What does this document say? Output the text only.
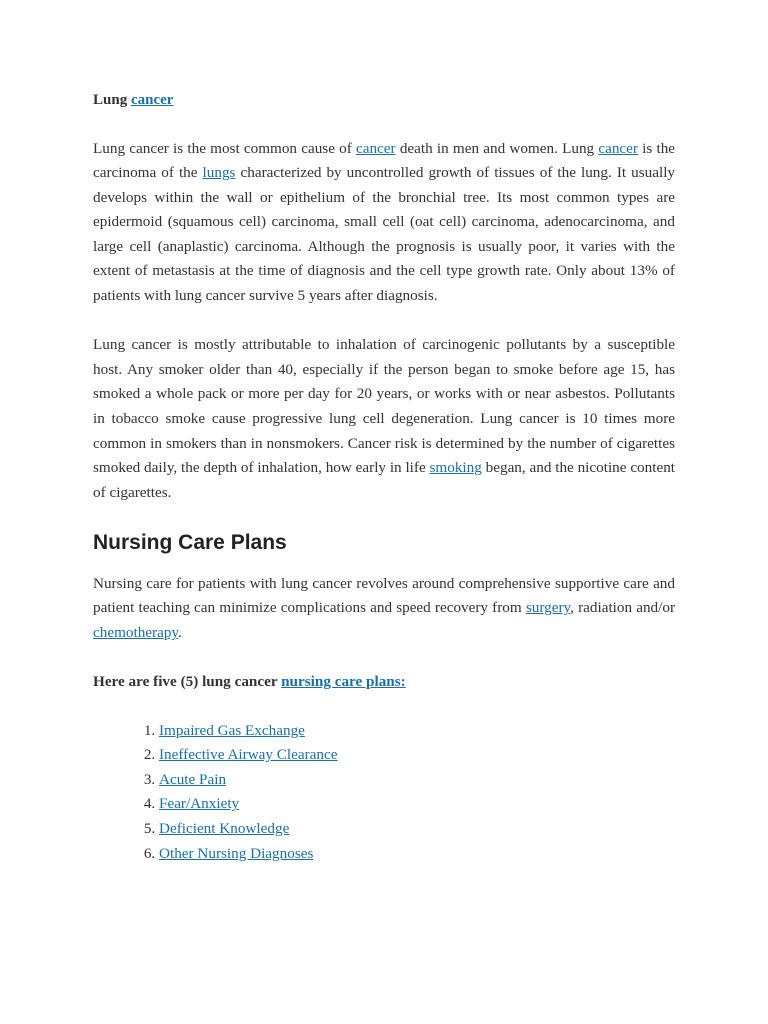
Lung cancer

Lung cancer is the most common cause of cancer death in men and women. Lung cancer is the carcinoma of the lungs characterized by uncontrolled growth of tissues of the lung. It usually develops within the wall or epithelium of the bronchial tree. Its most common types are epidermoid (squamous cell) carcinoma, small cell (oat cell) carcinoma, adenocarcinoma, and large cell (anaplastic) carcinoma. Although the prognosis is usually poor, it varies with the extent of metastasis at the time of diagnosis and the cell type growth rate. Only about 13% of patients with lung cancer survive 5 years after diagnosis.

Lung cancer is mostly attributable to inhalation of carcinogenic pollutants by a susceptible host. Any smoker older than 40, especially if the person began to smoke before age 15, has smoked a whole pack or more per day for 20 years, or works with or near asbestos. Pollutants in tobacco smoke cause progressive lung cell degeneration. Lung cancer is 10 times more common in smokers than in nonsmokers. Cancer risk is determined by the number of cigarettes smoked daily, the depth of inhalation, how early in life smoking began, and the nicotine content of cigarettes.

Nursing Care Plans

Nursing care for patients with lung cancer revolves around comprehensive supportive care and patient teaching can minimize complications and speed recovery from surgery, radiation and/or chemotherapy.

Here are five (5) lung cancer nursing care plans:

1. Impaired Gas Exchange
2. Ineffective Airway Clearance
3. Acute Pain
4. Fear/Anxiety
5. Deficient Knowledge
6. Other Nursing Diagnoses
